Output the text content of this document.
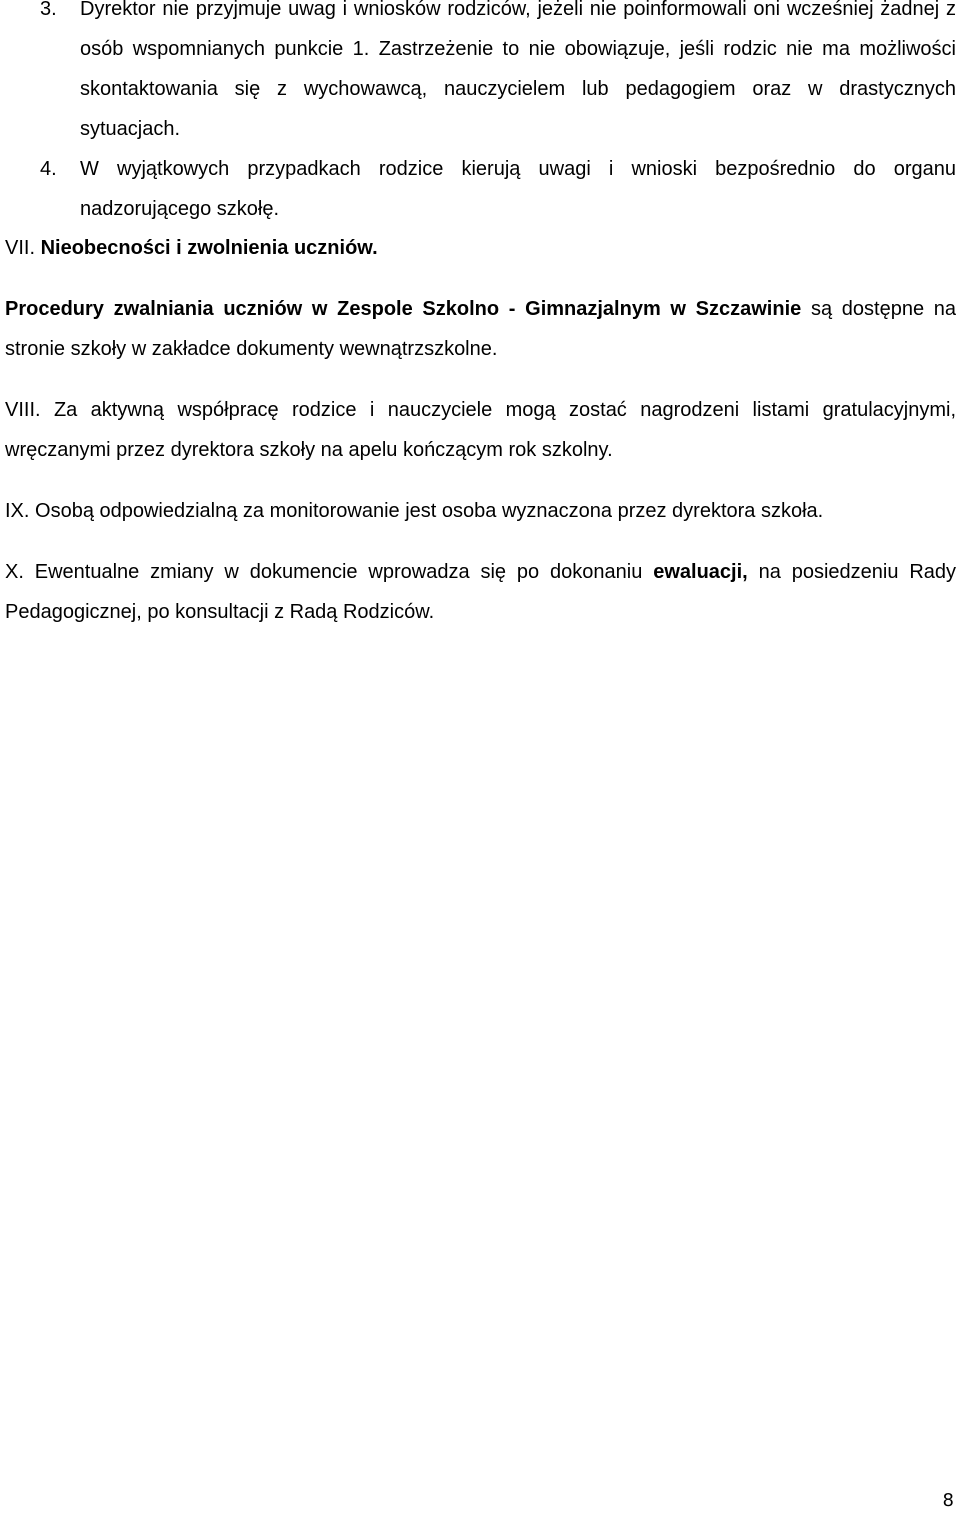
3. Dyrektor nie przyjmuje uwag i wniosków rodziców, jeżeli nie poinformowali oni wcześniej żadnej z osób wspomnianych punkcie 1. Zastrzeżenie to nie obowiązuje, jeśli rodzic nie ma możliwości skontaktowania się z wychowawcą, nauczycielem lub pedagogiem oraz w drastycznych sytuacjach.
4. W wyjątkowych przypadkach rodzice kierują uwagi i wnioski bezpośrednio do organu nadzorującego szkołę.
VII. Nieobecności i zwolnienia uczniów.
Procedury zwalniania uczniów w Zespole Szkolno - Gimnazjalnym w Szczawinie są dostępne na stronie szkoły w zakładce dokumenty wewnątrzszkolne.
VIII. Za aktywną współpracę rodzice i nauczyciele mogą zostać nagrodzeni listami gratulacyjnymi, wręczanymi przez dyrektora szkoły na apelu kończącym rok szkolny.
IX. Osobą odpowiedzialną za monitorowanie jest osoba wyznaczona przez dyrektora szkoła.
X. Ewentualne zmiany w dokumencie wprowadza się po dokonaniu ewaluacji, na posiedzeniu Rady Pedagogicznej, po konsultacji z Radą Rodziców.
8
